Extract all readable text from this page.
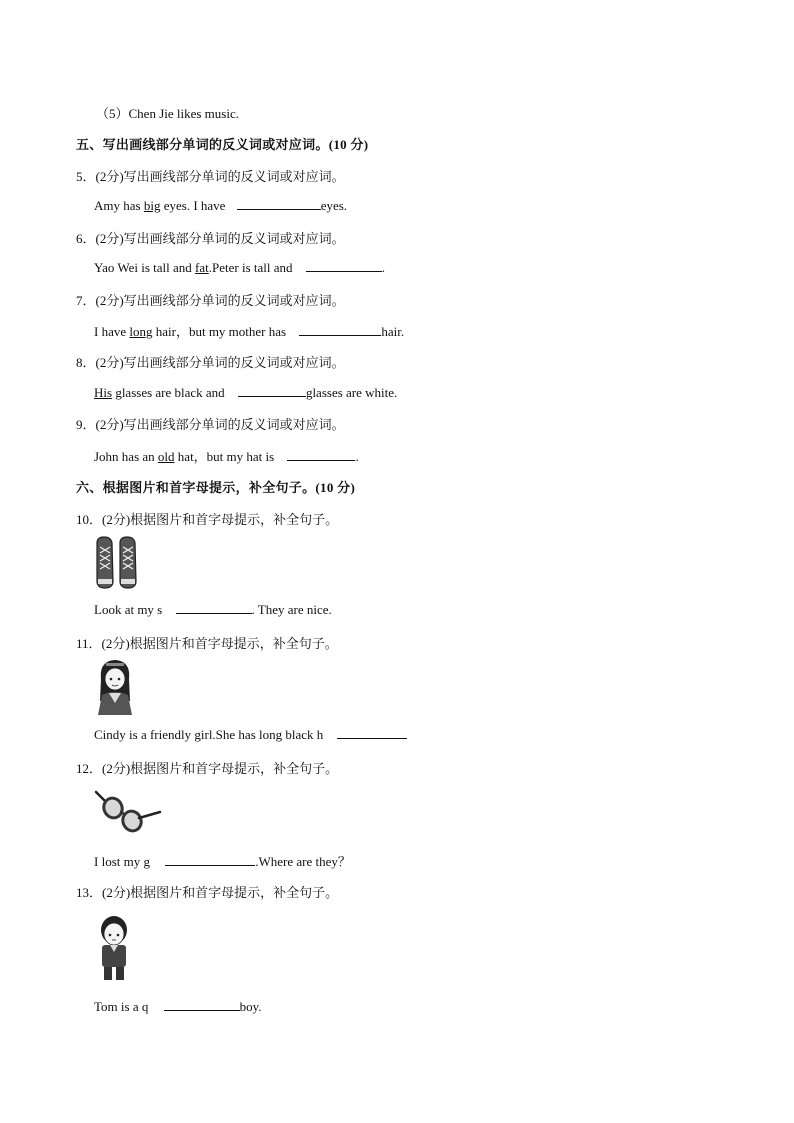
（5）Chen Jie likes music.
五、写出画线部分单词的反义词或对应词。(10 分)
5．(2分)写出画线部分单词的反义词或对应词。
Amy has big eyes. I have	eyes.
6．(2分)写出画线部分单词的反义词或对应词。
Yao Wei is tall and fat.Peter is tall and	.
7．(2分)写出画线部分单词的反义词或对应词。
I have long hair，but my mother has	hair.
8．(2分)写出画线部分单词的反义词或对应词。
His glasses are black and	glasses are white.
9．(2分)写出画线部分单词的反义词或对应词。
John has an old hat，but my hat is	.
六、根据图片和首字母提示，补全句子。(10 分)
10．(2分)根据图片和首字母提示，补全句子。
Look at my s	. They are nice.
11．(2分)根据图片和首字母提示，补全句子。
Cindy is a friendly girl.She has long black h
12．(2分)根据图片和首字母提示，补全句子。
I lost my g	.Where are they？
13．(2分)根据图片和首字母提示，补全句子。
Tom is a q	boy.
